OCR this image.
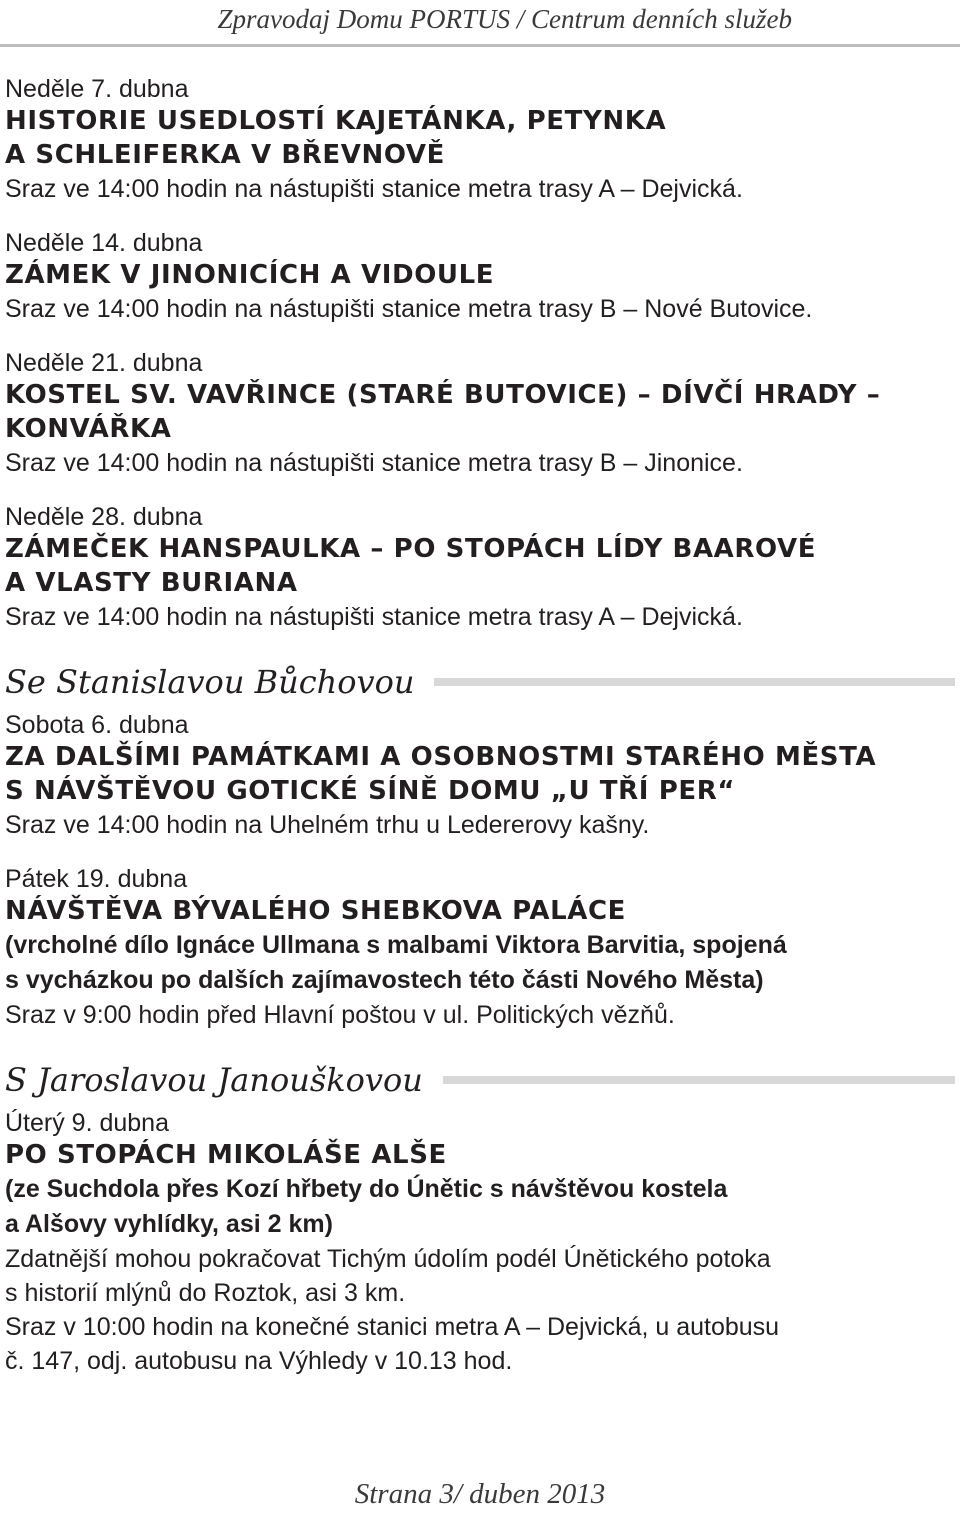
Zpravodaj Domu PORTUS / Centrum denních služeb
Neděle 7. dubna
HISTORIE USEDLOSTÍ KAJETÁNKA, PETYNKA
A SCHLEIFERKA V BŘEVNOVĚ
Sraz ve 14:00 hodin na nástupišti stanice metra trasy A – Dejvická.
Neděle 14. dubna
ZÁMEK V JINONICÍCH A VIDOULE
Sraz ve 14:00 hodin na nástupišti stanice metra trasy B – Nové Butovice.
Neděle 21. dubna
KOSTEL SV. VAVŘINCE (STARÉ BUTOVICE) – DÍVČÍ HRADY –
KONVÁŘKA
Sraz ve 14:00 hodin na nástupišti stanice metra trasy B – Jinonice.
Neděle 28. dubna
ZÁMEČEK HANSPAULKA – PO STOPÁCH LÍDY BAAROVÉ
A VLASTY BURIANA
Sraz ve 14:00 hodin na nástupišti stanice metra trasy A – Dejvická.
Se Stanislavou Bůchovou
Sobota 6. dubna
ZA DALŠÍMI PAMÁTKAMI A OSOBNOSTMI STARÉHO MĚSTA
S NÁVŠTĚVOU GOTICKÉ SÍNĚ DOMU „U TŘÍ PER“
Sraz ve 14:00 hodin na Uhelném trhu u Ledererovy kašny.
Pátek 19. dubna
NÁVŠTĚVA BÝVALÉHO SHEBKOVA PALÁCE
(vrcholné dílo Ignáce Ullmana s malbami Viktora Barvitia, spojená
s vycházkou po dalších zajímavostech této části Nového Města)
Sraz v 9:00 hodin před Hlavní poštou v ul. Politických vězňů.
S Jaroslavou Janouškovou
Úterý 9. dubna
PO STOPÁCH MIKOLÁŠE ALŠE
(ze Suchdola přes Kozí hřbety do Únětic s návštěvou kostela
a Alšovy vyhlídky, asi 2 km)
Zdatnější mohou pokračovat Tichým údolím podél Únětického potoka
s historií mlýnů do Roztok, asi 3 km.
Sraz v 10:00 hodin na konečné stanici metra A – Dejvická, u autobusu
č. 147, odj. autobusu na Výhledy v 10.13 hod.
Strana 3/ duben 2013
